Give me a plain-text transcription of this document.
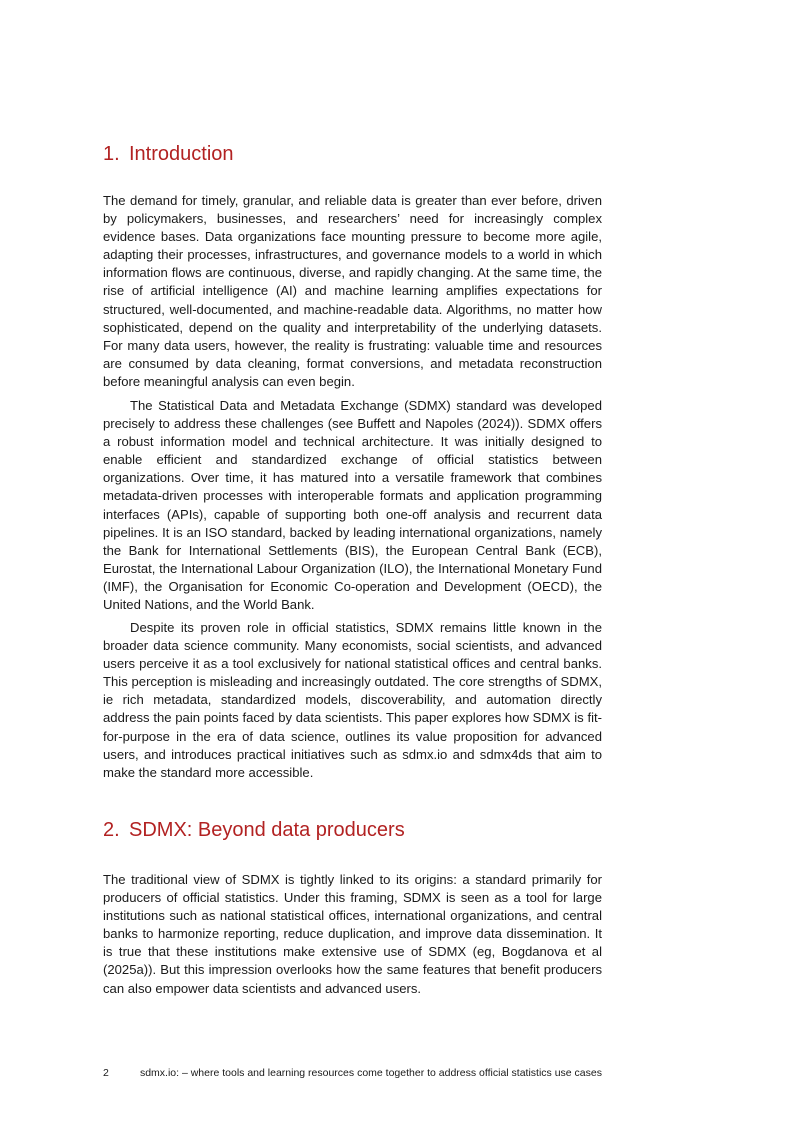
1. Introduction

The demand for timely, granular, and reliable data is greater than ever before, driven by policymakers, businesses, and researchers’ need for increasingly complex evidence bases. Data organizations face mounting pressure to become more agile, adapting their processes, infrastructures, and governance models to a world in which information flows are continuous, diverse, and rapidly changing. At the same time, the rise of artificial intelligence (AI) and machine learning amplifies expectations for structured, well-documented, and machine-readable data. Algorithms, no matter how sophisticated, depend on the quality and interpretability of the underlying datasets. For many data users, however, the reality is frustrating: valuable time and resources are consumed by data cleaning, format conversions, and metadata reconstruction before meaningful analysis can even begin.

The Statistical Data and Metadata Exchange (SDMX) standard was developed precisely to address these challenges (see Buffett and Napoles (2024)). SDMX offers a robust information model and technical architecture. It was initially designed to enable efficient and standardized exchange of official statistics between organizations. Over time, it has matured into a versatile framework that combines metadata-driven processes with interoperable formats and application programming interfaces (APIs), capable of supporting both one-off analysis and recurrent data pipelines. It is an ISO standard, backed by leading international organizations, namely the Bank for International Settlements (BIS), the European Central Bank (ECB), Eurostat, the International Labour Organization (ILO), the International Monetary Fund (IMF), the Organisation for Economic Co-operation and Development (OECD), the United Nations, and the World Bank.

Despite its proven role in official statistics, SDMX remains little known in the broader data science community. Many economists, social scientists, and advanced users perceive it as a tool exclusively for national statistical offices and central banks. This perception is misleading and increasingly outdated. The core strengths of SDMX, ie rich metadata, standardized models, discoverability, and automation directly address the pain points faced by data scientists. This paper explores how SDMX is fit-for-purpose in the era of data science, outlines its value proposition for advanced users, and introduces practical initiatives such as sdmx.io and sdmx4ds that aim to make the standard more accessible.

2. SDMX: Beyond data producers

The traditional view of SDMX is tightly linked to its origins: a standard primarily for producers of official statistics. Under this framing, SDMX is seen as a tool for large institutions such as national statistical offices, international organizations, and central banks to harmonize reporting, reduce duplication, and improve data dissemination. It is true that these institutions make extensive use of SDMX (eg, Bogdanova et al (2025a)). But this impression overlooks how the same features that benefit producers can also empower data scientists and advanced users.

2	sdmx.io: – where tools and learning resources come together to address official statistics use cases
